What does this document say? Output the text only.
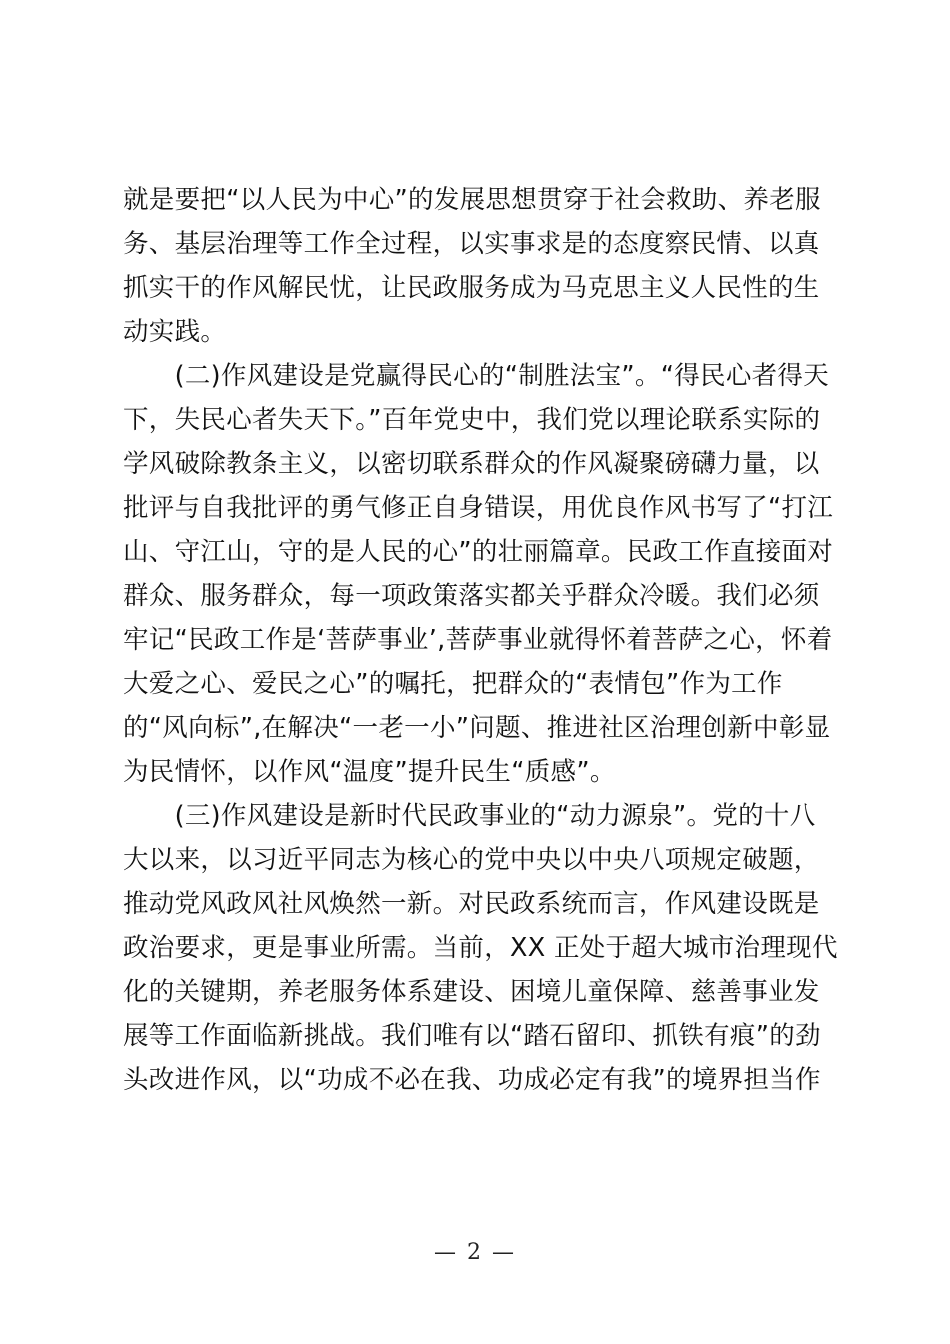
就是要把“以人民为中心”的发展思想贯穿于社会救助、养老服
务、基层治理等工作全过程，以实事求是的态度察民情、以真
抓实干的作风解民忧，让民政服务成为马克思主义人民性的生
动实践。
　　(二)作风建设是党赢得民心的“制胜法宝”。“得民心者得天
下，失民心者失天下。”百年党史中，我们党以理论联系实际的
学风破除教条主义，以密切联系群众的作风凝聚磅礴力量，以
批评与自我批评的勇气修正自身错误，用优良作风书写了“打江
山、守江山，守的是人民的心”的壮丽篇章。民政工作直接面对
群众、服务群众，每一项政策落实都关乎群众冷暖。我们必须
牢记“民政工作是‘菩萨事业’,菩萨事业就得怀着菩萨之心，怀着
大爱之心、爱民之心”的嘱托，把群众的“表情包”作为工作
的“风向标”,在解决“一老一小”问题、推进社区治理创新中彰显
为民情怀，以作风“温度”提升民生“质感”。
　　(三)作风建设是新时代民政事业的“动力源泉”。党的十八
大以来，以习近平同志为核心的党中央以中央八项规定破题，
推动党风政风社风焕然一新。对民政系统而言，作风建设既是
政治要求，更是事业所需。当前，XX 正处于超大城市治理现代
化的关键期，养老服务体系建设、困境儿童保障、慈善事业发
展等工作面临新挑战。我们唯有以“踏石留印、抓铁有痕”的劲
头改进作风，以“功成不必在我、功成必定有我”的境界担当作
— 2 —
